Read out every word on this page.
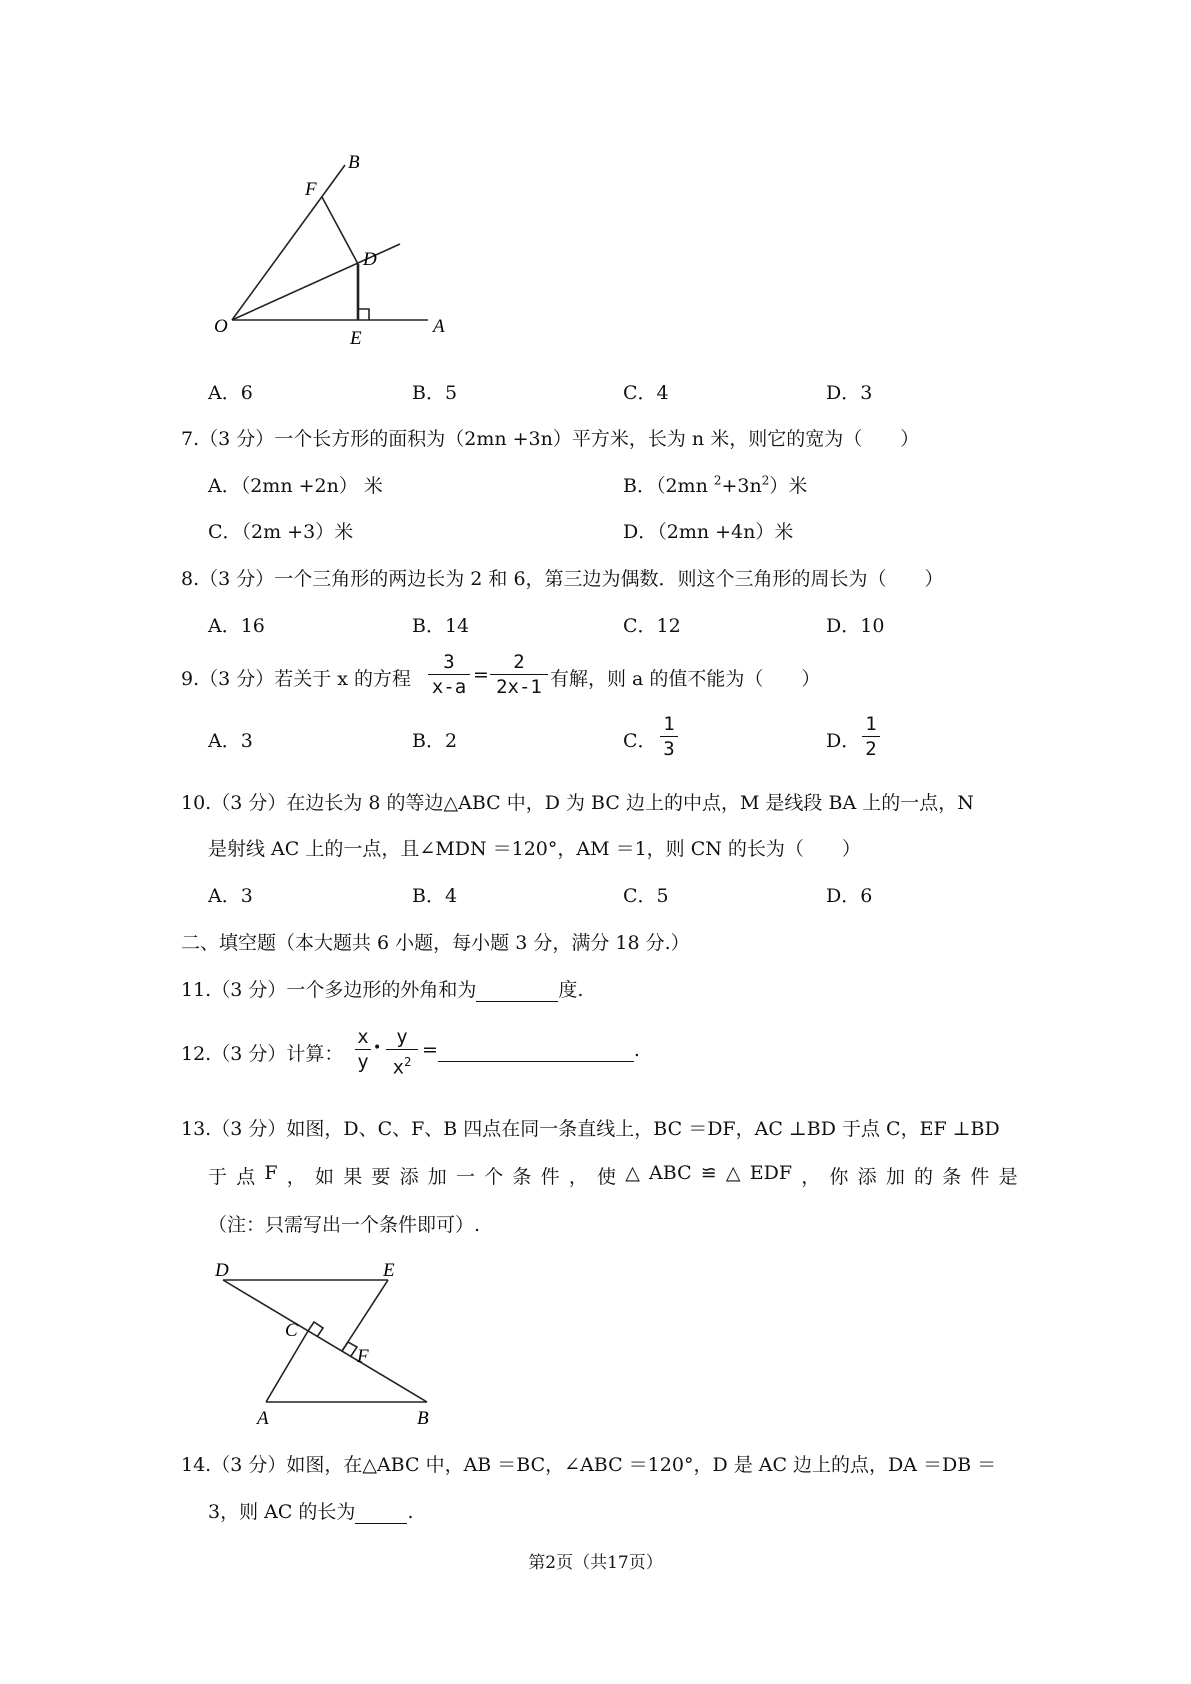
B
F
D
O
E
A
A．6	B．5	C．4	D．3
7.（3 分）一个长方形的面积为（2mn +3n）平方米，长为 n 米，则它的宽为（　　）
A．（2mn +2n） 米	B．（2mn $^2+3n^2$）米
C．（2m +3）米	D．（2mn +4n）米
8.（3 分）一个三角形的两边长为 2 和 6，第三边为偶数．则这个三角形的周长为（　　）
A．16	B．14	C．12	D．10
9.（3 分）若关于 x 的方程
3
x-a
=
2
2x-1 有解，则 a 的值不能为（　　）
A．3	B．2	C．
1
3	D．
1
2
10.（3 分）在边长为 8 的等边△ABC 中，D 为 BC 边上的中点，M 是线段 BA 上的一点，N
是射线 AC 上的一点，且∠MDN ＝120°，AM ＝1，则 CN 的长为（　　）
A．3	B．4	C．5	D．6
二、填空题（本大题共 6 小题，每小题 3 分，满分 18 分.）
11.（3 分）一个多边形的外角和为	度.
12.（3 分）计算：
x
y
• y
$x^2$
=	.
13.（3 分）如图，D、C、F、B 四点在同一条直线上，BC ＝DF，AC ⊥BD 于点 C，EF ⊥BD
于 点 F ， 如 果 要 添 加 一 个 条 件 ， 使 △ ABC ≌ △ EDF ， 你 添 加 的 条 件 是
（注：只需写出一个条件即可）.
D	E
C
F
A	B
14.（3 分）如图，在△ABC 中，AB ＝BC，∠ABC ＝120°，D 是 AC 边上的点，DA ＝DB ＝
3，则 AC 的长为	.
第2页（共17页）
